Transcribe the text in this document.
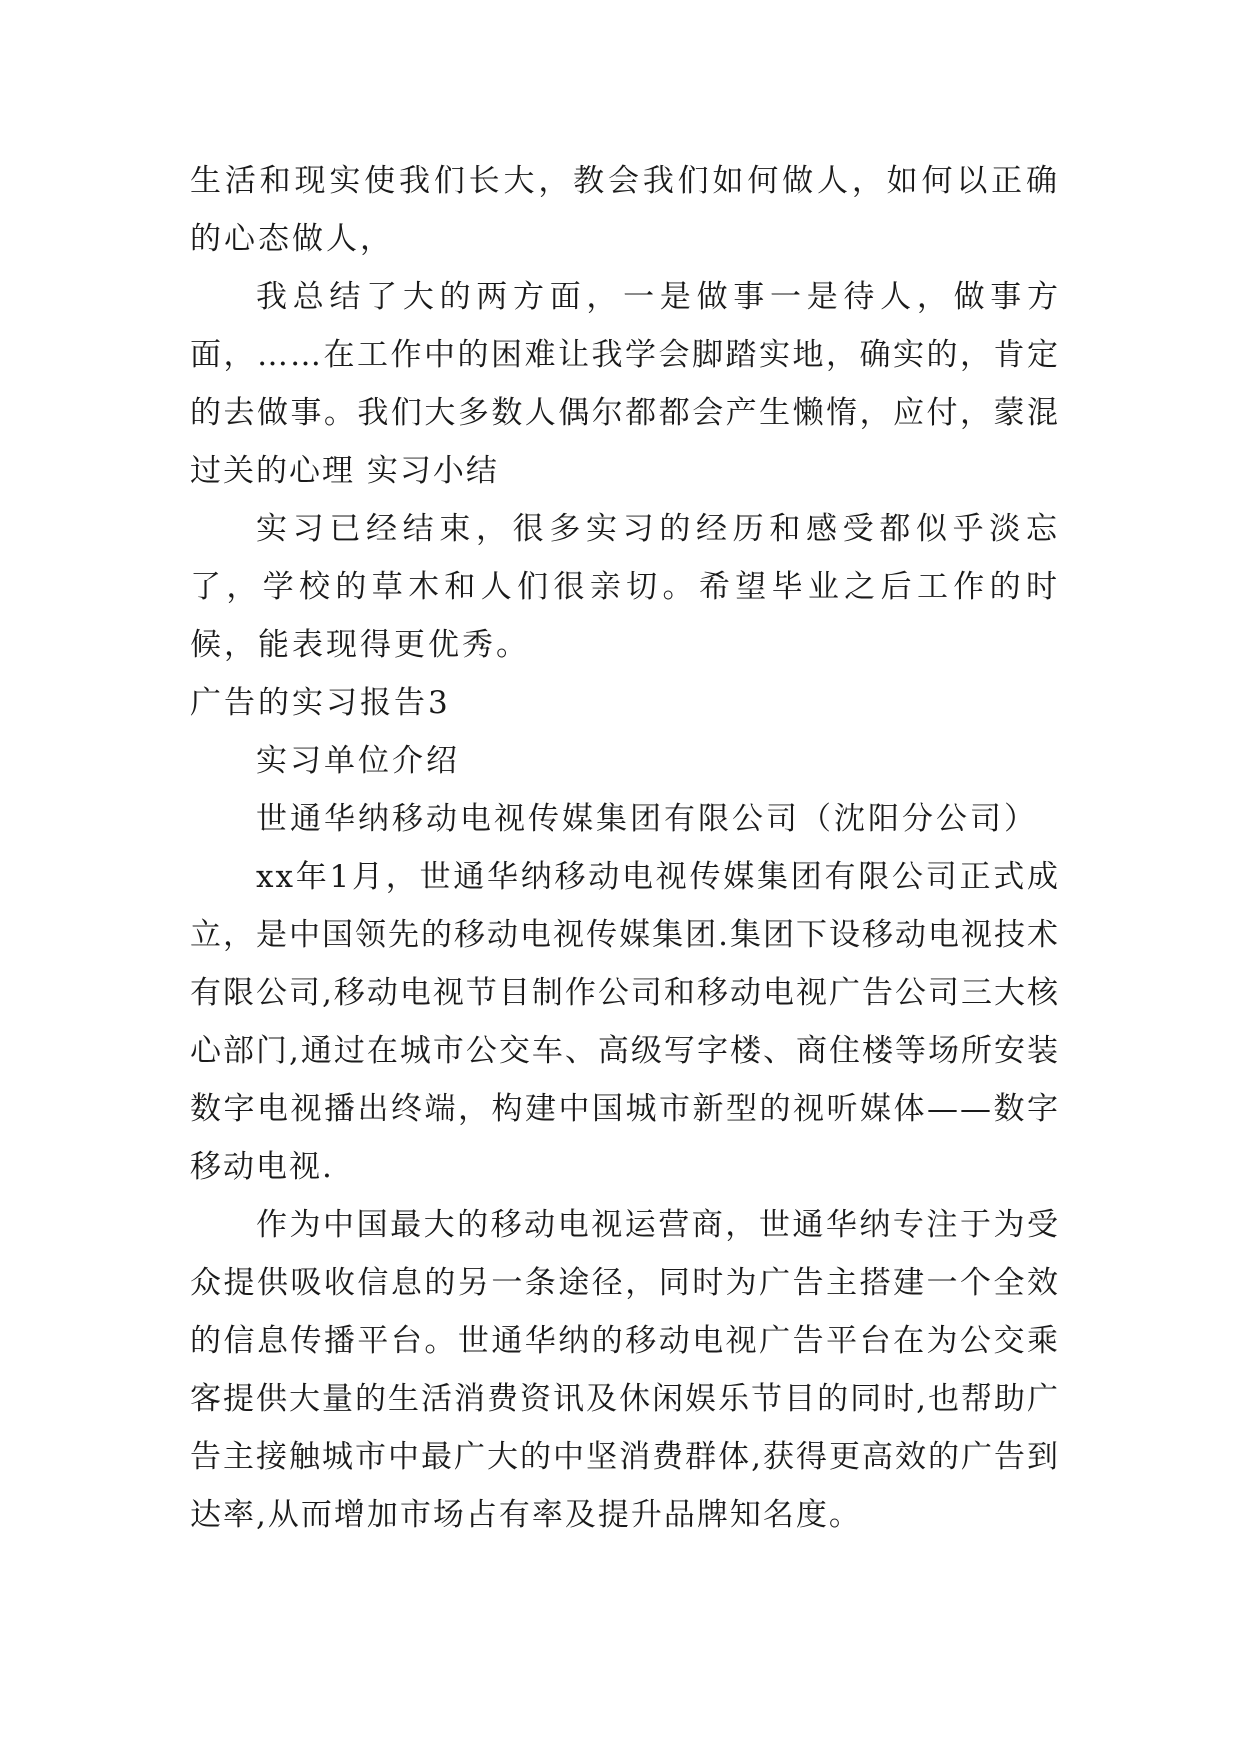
生活和现实使我们长大，教会我们如何做人，如何以正确的心态做人，

我总结了大的两方面，一是做事一是待人，做事方面，……在工作中的困难让我学会脚踏实地，确实的，肯定的去做事。我们大多数人偶尔都都会产生懒惰，应付，蒙混过关的心理 实习小结

实习已经结束，很多实习的经历和感受都似乎淡忘了，学校的草木和人们很亲切。希望毕业之后工作的时候，能表现得更优秀。

广告的实习报告3

实习单位介绍

世通华纳移动电视传媒集团有限公司（沈阳分公司）

xx年1月，世通华纳移动电视传媒集团有限公司正式成立，是中国领先的移动电视传媒集团.集团下设移动电视技术有限公司,移动电视节目制作公司和移动电视广告公司三大核心部门,通过在城市公交车、高级写字楼、商住楼等场所安装数字电视播出终端，构建中国城市新型的视听媒体——数字移动电视.

作为中国最大的移动电视运营商，世通华纳专注于为受众提供吸收信息的另一条途径，同时为广告主搭建一个全效的信息传播平台。世通华纳的移动电视广告平台在为公交乘客提供大量的生活消费资讯及休闲娱乐节目的同时,也帮助广告主接触城市中最广大的中坚消费群体,获得更高效的广告到达率,从而增加市场占有率及提升品牌知名度。
